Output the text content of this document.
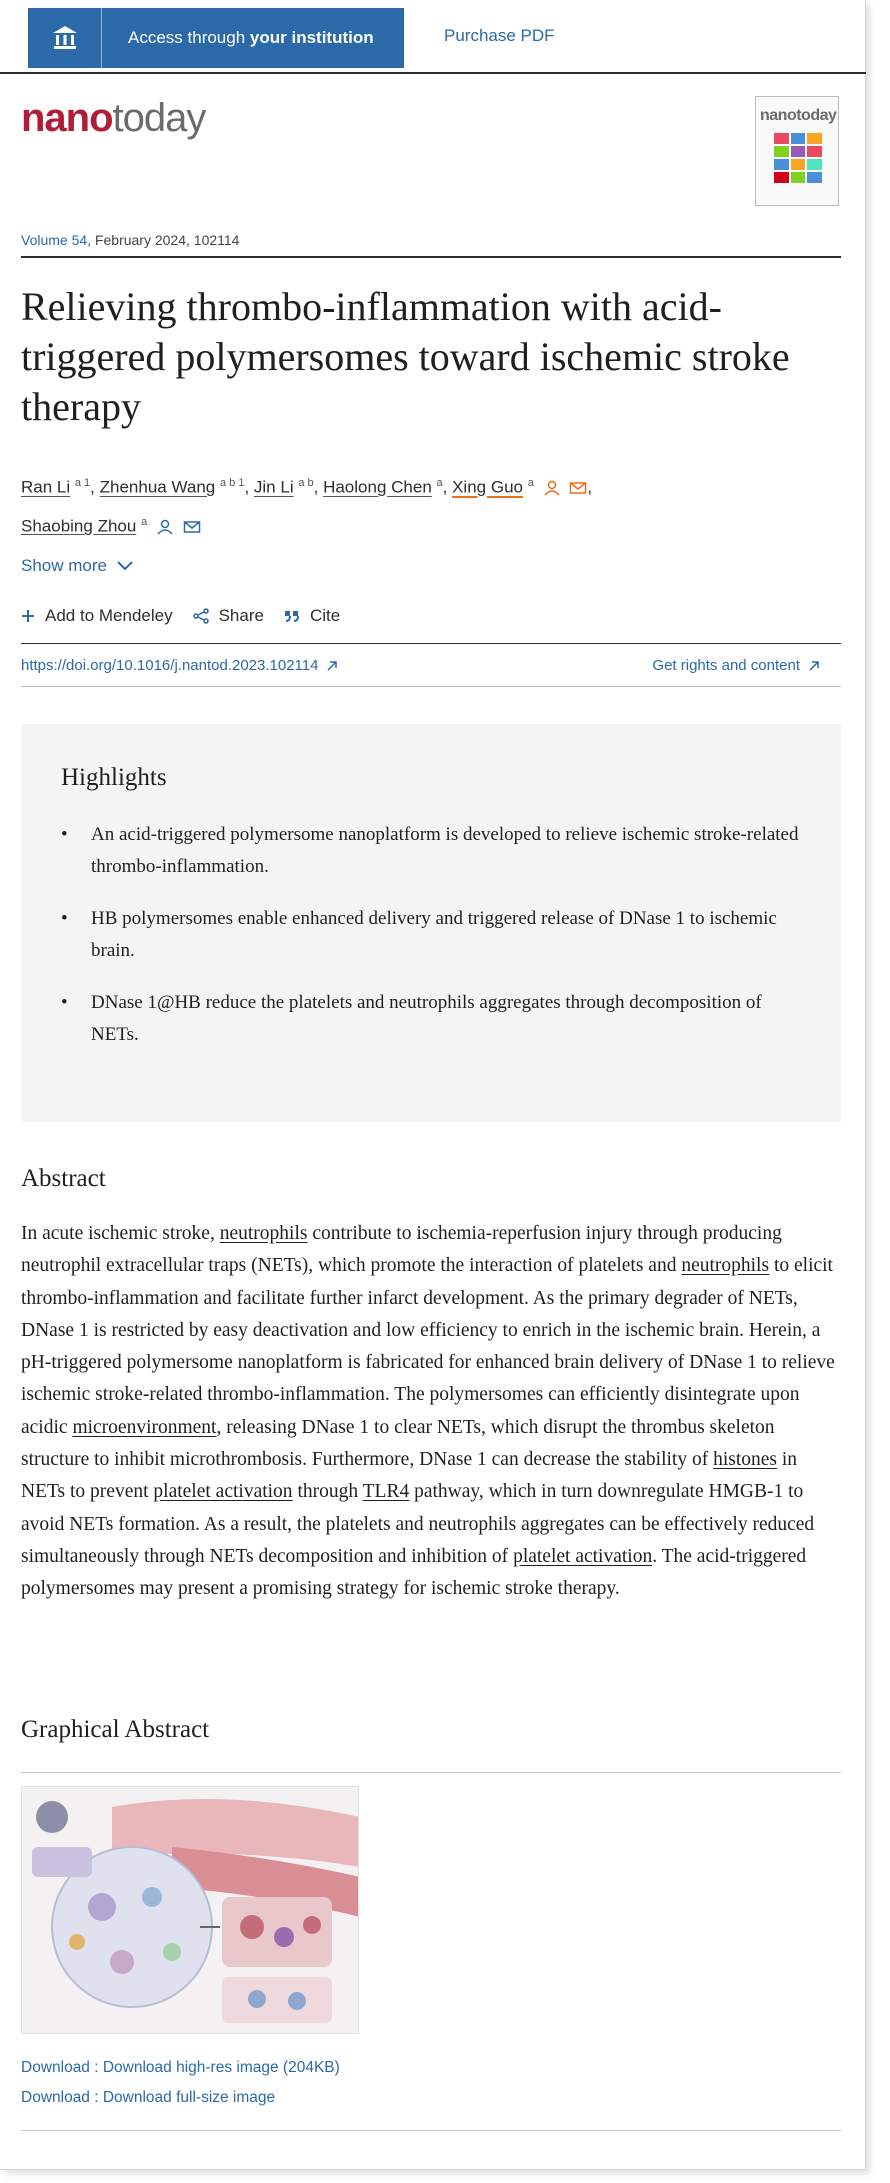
Access through your institution	Purchase PDF
nanotoday	nanotoday
Volume 54, February 2024, 102114
Relieving thrombo-inflammation with acid-triggered polymersomes toward ischemic stroke therapy
Ran Li $^{a 1}$, Zhenhua Wang $^{a b 1}$, Jin Li $^{a b}$, Haolong Chen $^a$, Xing Guo $^a$	,
Shaobing Zhou $^a$
Show more
Add to Mendeley	Share	Cite
https://doi.org/10.1016/j.nantod.2023.102114	Get rights and content
Highlights
• An acid-triggered polymersome nanoplatform is developed to relieve ischemic stroke-related thrombo-inflammation.
• HB polymersomes enable enhanced delivery and triggered release of DNase 1 to ischemic brain.
• DNase 1@HB reduce the platelets and neutrophils aggregates through decomposition of NETs.
Abstract

In acute ischemic stroke, neutrophils contribute to ischemia-reperfusion injury through producing neutrophil extracellular traps (NETs), which promote the interaction of platelets and neutrophils to elicit thrombo-inflammation and facilitate further infarct development. As the primary degrader of NETs, DNase 1 is restricted by easy deactivation and low efficiency to enrich in the ischemic brain. Herein, a pH-triggered polymersome nanoplatform is fabricated for enhanced brain delivery of DNase 1 to relieve ischemic stroke-related thrombo-inflammation. The polymersomes can efficiently disintegrate upon acidic microenvironment, releasing DNase 1 to clear NETs, which disrupt the thrombus skeleton structure to inhibit microthrombosis. Furthermore, DNase 1 can decrease the stability of histones in NETs to prevent platelet activation through TLR4 pathway, which in turn downregulate HMGB-1 to avoid NETs formation. As a result, the platelets and neutrophils aggregates can be effectively reduced simultaneously through NETs decomposition and inhibition of platelet activation. The acid-triggered polymersomes may present a promising strategy for ischemic stroke therapy.

Graphical Abstract
Download : Download high-res image (204KB)
Download : Download full-size image
